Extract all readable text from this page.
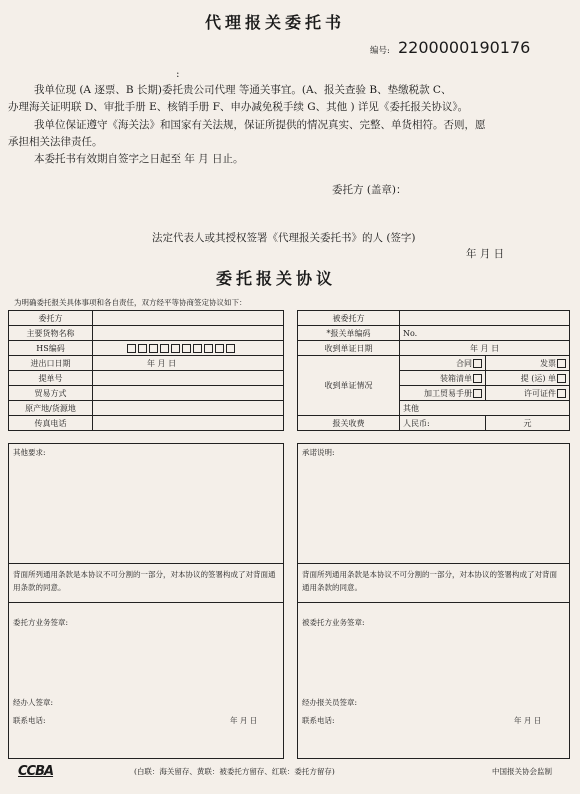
代理报关委托书
编号: 2200000190176
:
我单位现 (A 逐票、B 长期)委托贵公司代理 等通关事宜。(A、报关查验 B、垫缴税款 C、
办理海关证明联 D、审批手册 E、核销手册 F、申办减免税手续 G、其他 ) 详见《委托报关协议》。
我单位保证遵守《海关法》和国家有关法规，保证所提供的情况真实、完整、单货相符。否则，愿
承担相关法律责任。
本委托书有效期自签字之日起至 年 月 日止。
委托方 (盖章)：
法定代表人或其授权签署《代理报关委托书》的人 (签字)
年 月 日
委托报关协议
为明确委托报关具体事项和各自责任，双方经平等协商签定协议如下：
委托方	
主要货物名称	
HS编码	
进出口日期	年 月 日
提单号	
贸易方式	
原产地/货源地	
传真电话	
其他要求:
背面所列通用条款是本协议不可分割的一部分，对本协议的签署构成了对背面通用条款的同意。
委托方业务签章:
经办人签章:
联系电话:	年 月 日
被委托方		
*报关单编码	No.	
收到单证日期	年 月 日	
收到单证情况	合同	发票
	装箱清单	提 (运) 单
	加工贸易手册	许可证件
	其他	
报关收费	人民币:	元
承诺说明:
背面所列通用条款是本协议不可分割的一部分，对本协议的签署构成了对背面通用条款的同意。
被委托方业务签章:
经办报关员签章:
联系电话:	年 月 日
CCBA	(白联：海关留存、黄联：被委托方留存、红联：委托方留存)	中国报关协会监制
